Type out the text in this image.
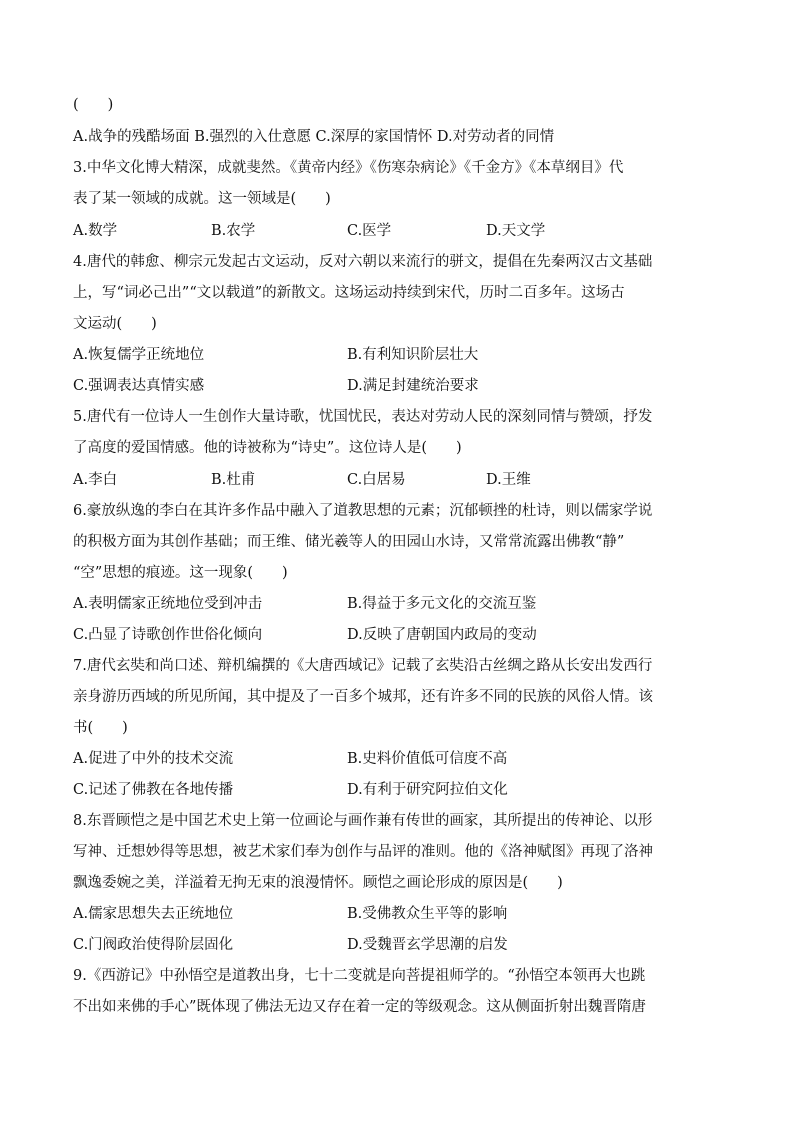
(　　)
A.战争的残酷场面 B.强烈的入仕意愿 C.深厚的家国情怀 D.对劳动者的同情
3.中华文化博大精深，成就斐然。《黄帝内经》《伤寒杂病论》《千金方》《本草纲目》代
表了某一领域的成就。这一领域是(　　)
A.数学	B.农学	C.医学	D.天文学
4.唐代的韩愈、柳宗元发起古文运动，反对六朝以来流行的骈文，提倡在先秦两汉古文基础
上，写“词必己出”“文以载道”的新散文。这场运动持续到宋代，历时二百多年。这场古
文运动(　　)
A.恢复儒学正统地位	B.有利知识阶层壮大
C.强调表达真情实感	D.满足封建统治要求
5.唐代有一位诗人一生创作大量诗歌，忧国忧民，表达对劳动人民的深刻同情与赞颂，抒发
了高度的爱国情感。他的诗被称为“诗史”。这位诗人是(　　)
A.李白	B.杜甫	C.白居易	D.王维
6.豪放纵逸的李白在其许多作品中融入了道教思想的元素；沉郁顿挫的杜诗，则以儒家学说
的积极方面为其创作基础；而王维、储光羲等人的田园山水诗，又常常流露出佛教“静”
“空”思想的痕迹。这一现象(　　)
A.表明儒家正统地位受到冲击	B.得益于多元文化的交流互鉴
C.凸显了诗歌创作世俗化倾向	D.反映了唐朝国内政局的变动
7.唐代玄奘和尚口述、辩机编撰的《大唐西域记》记载了玄奘沿古丝绸之路从长安出发西行
亲身游历西域的所见所闻，其中提及了一百多个城邦，还有许多不同的民族的风俗人情。该
书(　　)
A.促进了中外的技术交流	B.史料价值低可信度不高
C.记述了佛教在各地传播	D.有利于研究阿拉伯文化
8.东晋顾恺之是中国艺术史上第一位画论与画作兼有传世的画家，其所提出的传神论、以形
写神、迁想妙得等思想，被艺术家们奉为创作与品评的准则。他的《洛神赋图》再现了洛神
飘逸委婉之美，洋溢着无拘无束的浪漫情怀。顾恺之画论形成的原因是(　　)
A.儒家思想失去正统地位	B.受佛教众生平等的影响
C.门阀政治使得阶层固化	D.受魏晋玄学思潮的启发
9.《西游记》中孙悟空是道教出身，七十二变就是向菩提祖师学的。“孙悟空本领再大也跳
不出如来佛的手心”既体现了佛法无边又存在着一定的等级观念。这从侧面折射出魏晋隋唐
